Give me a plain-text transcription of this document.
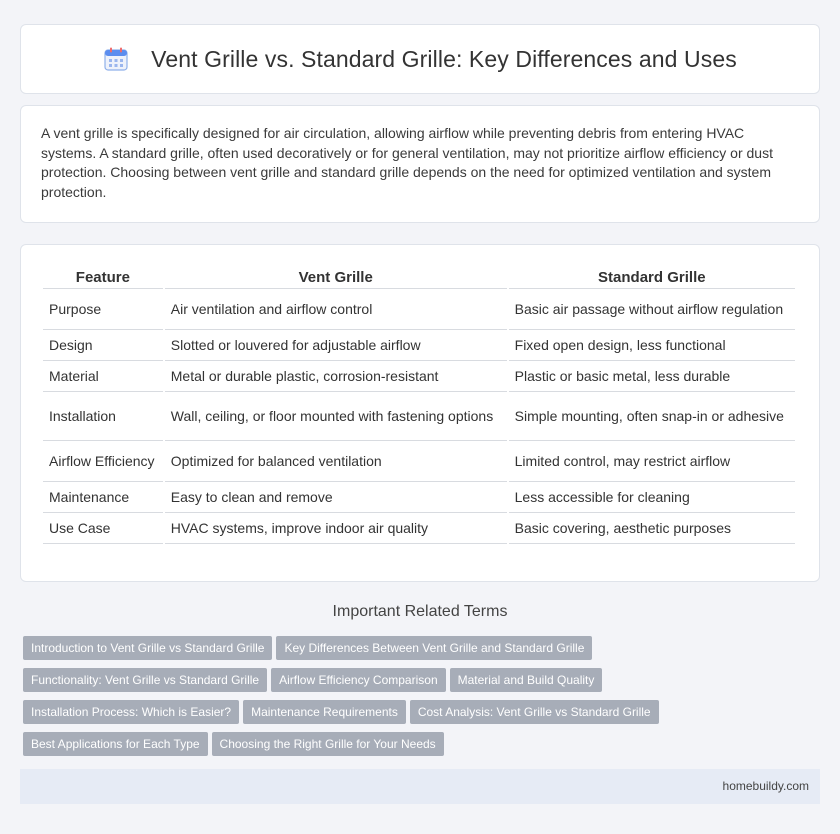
Vent Grille vs. Standard Grille: Key Differences and Uses

A vent grille is specifically designed for air circulation, allowing airflow while preventing debris from entering HVAC systems. A standard grille, often used decoratively or for general ventilation, may not prioritize airflow efficiency or dust protection. Choosing between vent grille and standard grille depends on the need for optimized ventilation and system protection.

Feature	Vent Grille	Standard Grille
Purpose	Air ventilation and airflow control	Basic air passage without airflow regulation
Design	Slotted or louvered for adjustable airflow	Fixed open design, less functional
Material	Metal or durable plastic, corrosion-resistant	Plastic or basic metal, less durable
Installation	Wall, ceiling, or floor mounted with fastening options	Simple mounting, often snap-in or adhesive
Airflow Efficiency	Optimized for balanced ventilation	Limited control, may restrict airflow
Maintenance	Easy to clean and remove	Less accessible for cleaning
Use Case	HVAC systems, improve indoor air quality	Basic covering, aesthetic purposes
Important Related Terms
Introduction to Vent Grille vs Standard Grille Key Differences Between Vent Grille and Standard Grille
Functionality: Vent Grille vs Standard Grille Airflow Efficiency Comparison Material and Build Quality
Installation Process: Which is Easier? Maintenance Requirements Cost Analysis: Vent Grille vs Standard Grille
Best Applications for Each Type Choosing the Right Grille for Your Needs
homebuildy.com
